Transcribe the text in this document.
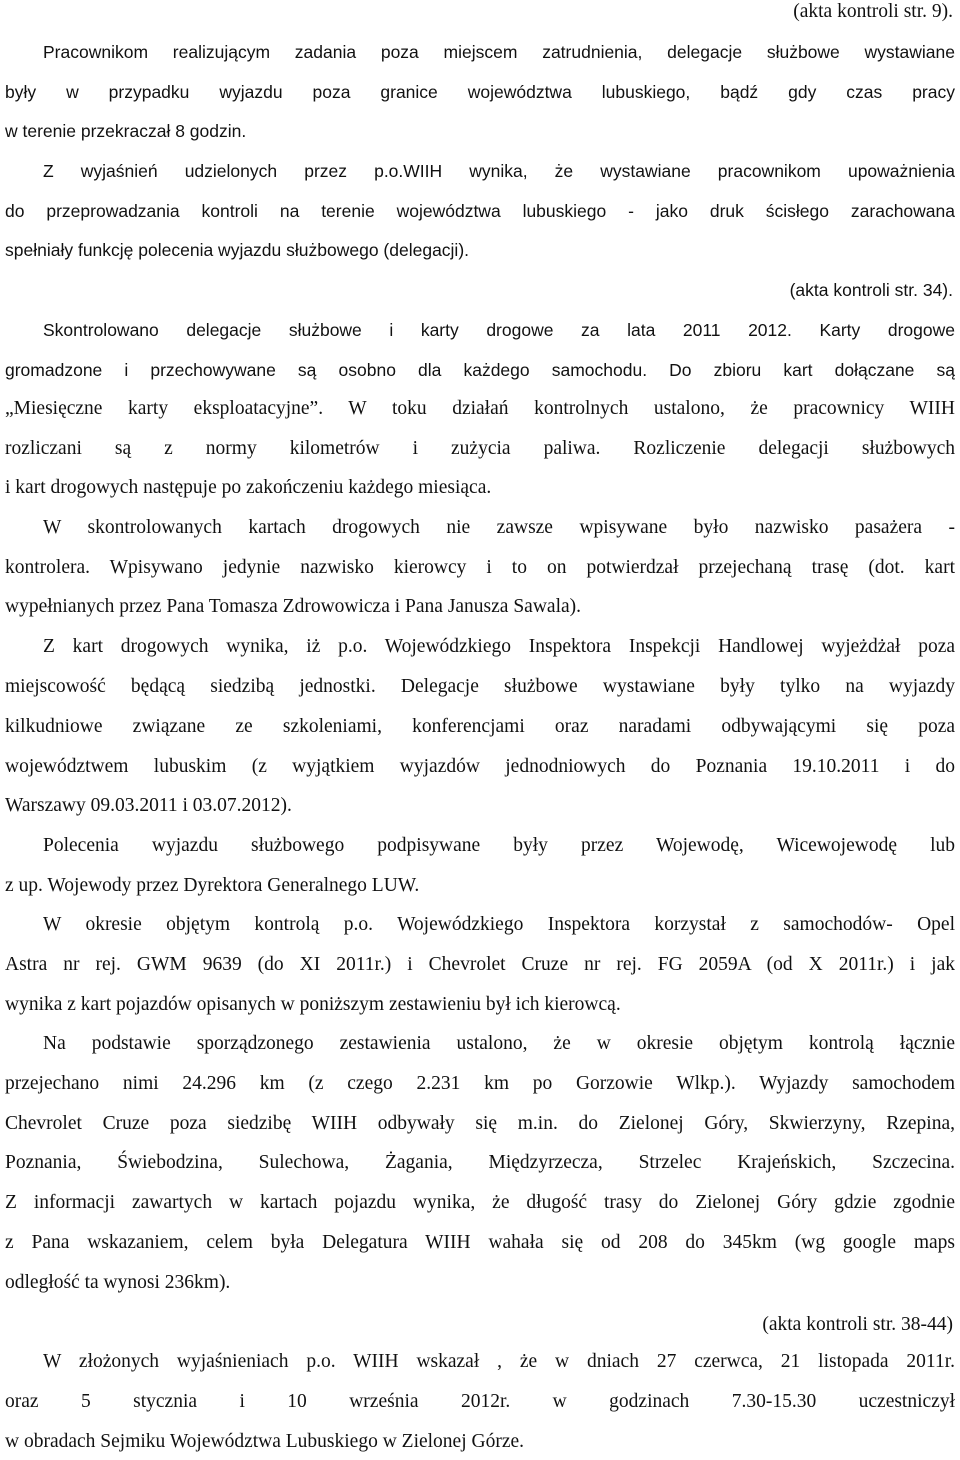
(akta kontroli str. 9).
Pracownikom realizującym zadania poza miejscem zatrudnienia, delegacje służbowe wystawiane
były w przypadku wyjazdu poza granice województwa lubuskiego, bądź gdy czas pracy
w terenie przekraczał 8 godzin.
Z wyjaśnień udzielonych przez p.o.WIIH wynika, że wystawiane pracownikom upoważnienia
do przeprowadzania kontroli na terenie województwa lubuskiego - jako druk ścisłego zarachowana
spełniały funkcję polecenia wyjazdu służbowego (delegacji).
(akta kontroli str. 34).
Skontrolowano delegacje służbowe i karty drogowe za lata 2011 2012. Karty drogowe
gromadzone i przechowywane są osobno dla każdego samochodu. Do zbioru kart dołączane są
„Miesięczne karty eksploatacyjne”. W toku działań kontrolnych ustalono, że pracownicy WIIH
rozliczani są z normy kilometrów i zużycia paliwa. Rozliczenie delegacji służbowych
i kart drogowych następuje po zakończeniu każdego miesiąca.
W skontrolowanych kartach drogowych nie zawsze wpisywane było nazwisko pasażera -
kontrolera. Wpisywano jedynie nazwisko kierowcy i to on potwierdzał przejechaną trasę (dot. kart
wypełnianych przez Pana Tomasza Zdrowowicza i Pana Janusza Sawala).
Z kart drogowych wynika, iż p.o. Wojewódzkiego Inspektora Inspekcji Handlowej wyjeżdżał poza
miejscowość będącą siedzibą jednostki. Delegacje służbowe wystawiane były tylko na wyjazdy
kilkudniowe związane ze szkoleniami, konferencjami oraz naradami odbywającymi się poza
województwem lubuskim (z wyjątkiem wyjazdów jednodniowych do Poznania 19.10.2011 i do
Warszawy 09.03.2011 i 03.07.2012).
Polecenia wyjazdu służbowego podpisywane były przez Wojewodę, Wicewojewodę lub
z up. Wojewody przez Dyrektora Generalnego LUW.
W okresie objętym kontrolą p.o. Wojewódzkiego Inspektora korzystał z samochodów- Opel
Astra nr rej. GWM 9639 (do XI 2011r.) i Chevrolet Cruze nr rej. FG 2059A (od X 2011r.) i jak
wynika z kart pojazdów opisanych w poniższym zestawieniu był ich kierowcą.
Na podstawie sporządzonego zestawienia ustalono, że w okresie objętym kontrolą łącznie
przejechano nimi 24.296 km (z czego 2.231 km po Gorzowie Wlkp.). Wyjazdy samochodem
Chevrolet Cruze poza siedzibę WIIH odbywały się m.in. do Zielonej Góry, Skwierzyny, Rzepina,
Poznania, Świebodzina, Sulechowa, Żagania, Międzyrzecza, Strzelec Krajeńskich, Szczecina.
Z informacji zawartych w kartach pojazdu wynika, że długość trasy do Zielonej Góry gdzie zgodnie
z Pana wskazaniem, celem była Delegatura WIIH wahała się od 208 do 345km (wg google maps
odległość ta wynosi 236km).
(akta kontroli str. 38-44)
W złożonych wyjaśnieniach p.o. WIIH wskazał , że w dniach 27 czerwca, 21 listopada 2011r.
oraz 5 stycznia i 10 września 2012r. w godzinach 7.30-15.30 uczestniczył
w obradach Sejmiku Województwa Lubuskiego w Zielonej Górze.
